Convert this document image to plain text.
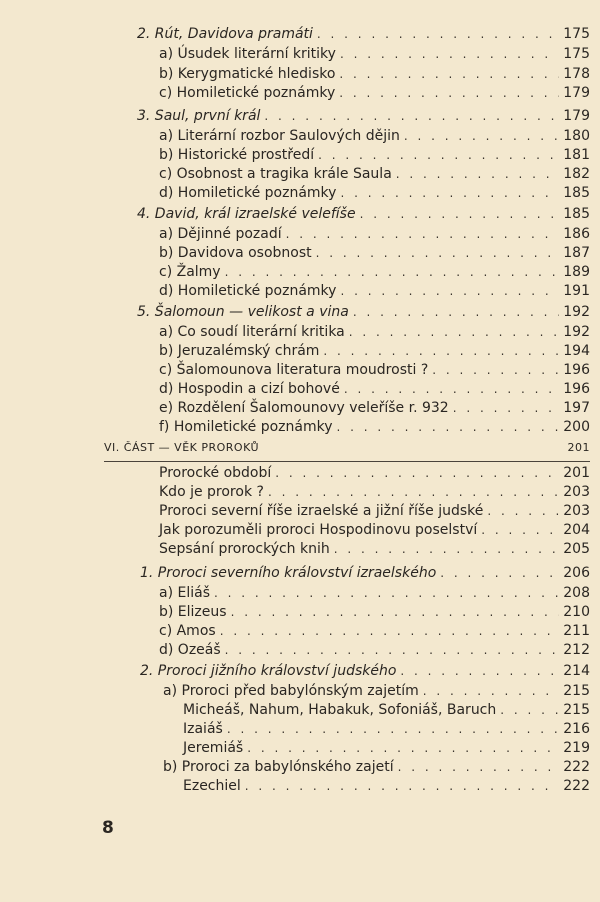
2. Rút, Davidova pramáti . . .	175
a) Úsudek literární kritiky . . .	175
b) Kerygmatické hledisko . . .	178
c) Homiletické poznámky . . .	179
3. Saul, první král . . .	179
a) Literární rozbor Saulových dějin . . .	180
b) Historické prostředí . . .	181
c) Osobnost a tragika krále Saula . . .	182
d) Homiletické poznámky . . .	185
4. David, král izraelské velefíše . . .	185
a) Dějinné pozadí . . .	186
b) Davidova osobnost . . .	187
c) Žalmy . . .	189
d) Homiletické poznámky . . .	191
5. Šalomoun — velikost a vina . . .	192
a) Co soudí literární kritika . . .	192
b) Jeruzalémský chrám . . .	194
c) Šalomounova literatura moudrosti ? . . .	196
d) Hospodin a cizí bohové . . .	196
e) Rozdělení Šalomounovy veleříše r. 932 . . .	197
f) Homiletické poznámky . . .	200
VI. ČÁST — VĚK PROROKŮ	201
Prorocké období . . .	201
Kdo je prorok ? . . .	203
Proroci severní říše izraelské a jižní říše judské . . .	203
Jak porozuměli proroci Hospodinovu poselství . . .	204
Sepsání prorockých knih . . .	205
1. Proroci severního království izraelského . . .	206
a) Eliáš . . .	208
b) Elizeus . . .	210
c) Amos . . .	211
d) Ozeáš . . .	212
2. Proroci jižního království judského . . .	214
a) Proroci před babylónským zajetím . . .	215
Micheáš, Nahum, Habakuk, Sofoniáš, Baruch . . .	215
Izaiáš . . .	216
Jeremiáš . . .	219
b) Proroci za babylónského zajetí . . .	222
Ezechiel . . .	222
8
